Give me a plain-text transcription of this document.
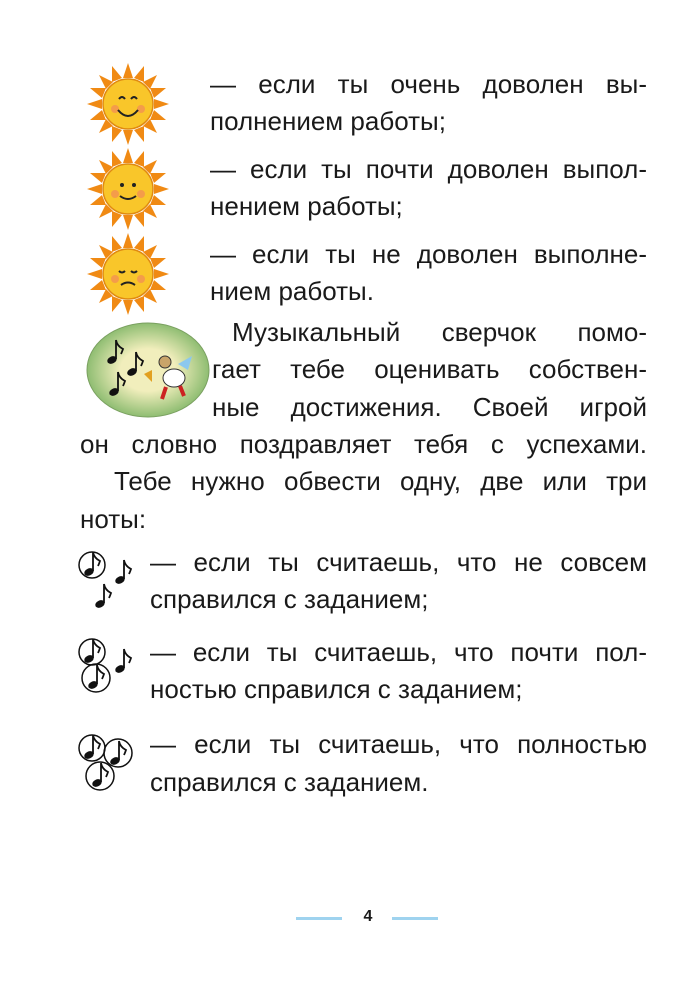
— если ты очень доволен вы-
полнением работы;
— если ты почти доволен выпол-
нением работы;
— если ты не доволен выполне-
нием работы.
Музыкальный сверчок помо-
гает тебе оценивать собствен-
ные достижения. Своей игрой
он словно поздравляет тебя с успехами.
Тебе нужно обвести одну, две или три
ноты:
— если ты считаешь, что не совсем
справился с заданием;
— если ты считаешь, что почти пол-
ностью справился с заданием;
— если ты считаешь, что полностью
справился с заданием.
4
